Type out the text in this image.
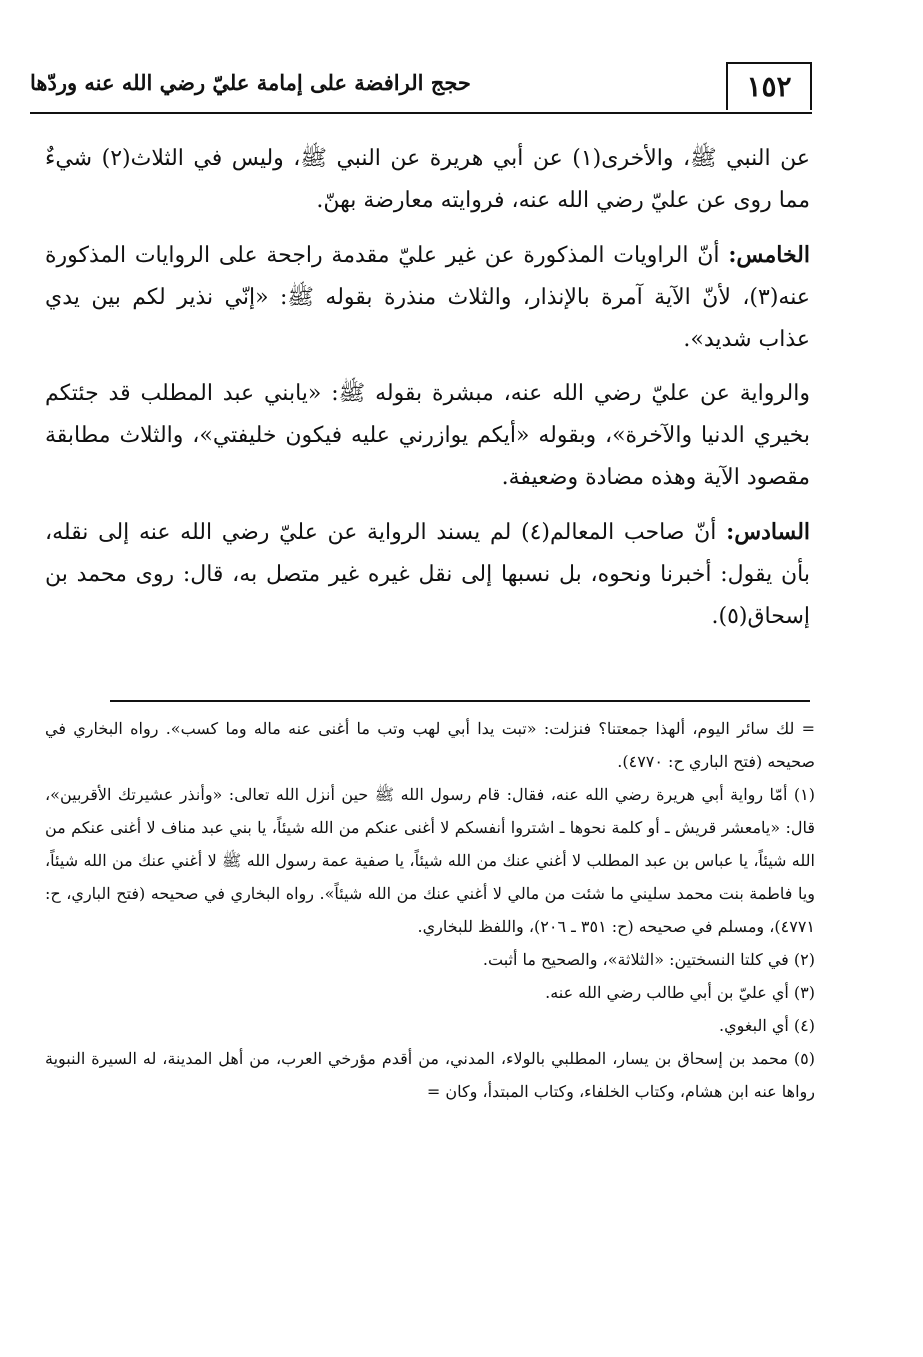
١٥٢
حجج الرافضة على إمامة عليّ رضي الله عنه وردّها

عن النبي ﷺ، والأخرى(١) عن أبي هريرة عن النبي ﷺ، وليس في الثلاث(٢) شيءٌ مما روى عن عليّ رضي الله عنه، فروايته معارضة بهنّ.

الخامس: أنّ الراويات المذكورة عن غير عليّ مقدمة راجحة على الروايات المذكورة عنه(٣)، لأنّ الآية آمرة بالإنذار، والثلاث منذرة بقوله ﷺ: «إنّي نذير لكم بين يدي عذاب شديد».

والرواية عن عليّ رضي الله عنه، مبشرة بقوله ﷺ: «يابني عبد المطلب قد جئتكم بخيري الدنيا والآخرة»، وبقوله «أيكم يوازرني عليه فيكون خليفتي»، والثلاث مطابقة مقصود الآية وهذه مضادة وضعيفة.

السادس: أنّ صاحب المعالم(٤) لم يسند الرواية عن عليّ رضي الله عنه إلى نقله، بأن يقول: أخبرنا ونحوه، بل نسبها إلى نقل غيره غير متصل به، قال: روى محمد بن إسحاق(٥).

= لك سائر اليوم، ألهذا جمعتنا؟ فنزلت: «تبت يدا أبي لهب وتب ما أغنى عنه ماله وما كسب». رواه البخاري في صحيحه (فتح الباري ح: ٤٧٧٠).

(١) أمّا رواية أبي هريرة رضي الله عنه، فقال: قام رسول الله ﷺ حين أنزل الله تعالى: «وأنذر عشيرتك الأقربين»، قال: «يامعشر قريش ـ أو كلمة نحوها ـ اشتروا أنفسكم لا أغنى عنكم من الله شيئاً، يا بني عبد مناف لا أغنى عنكم من الله شيئاً، يا عباس بن عبد المطلب لا أغني عنك من الله شيئاً، يا صفية عمة رسول الله ﷺ لا أغني عنك من الله شيئاً، ويا فاطمة بنت محمد سليني ما شئت من مالي لا أغني عنك من الله شيئاً». رواه البخاري في صحيحه (فتح الباري، ح: ٤٧٧١)، ومسلم في صحيحه (ح: ٣٥١ ـ ٢٠٦)، واللفظ للبخاري.

(٢) في كلتا النسختين: «الثلاثة»، والصحيح ما أثبت.

(٣) أي عليّ بن أبي طالب رضي الله عنه.

(٤) أي البغوي.

(٥) محمد بن إسحاق بن يسار، المطلبي بالولاء، المدني، من أقدم مؤرخي العرب، من أهل المدينة، له السيرة النبوية رواها عنه ابن هشام، وكتاب الخلفاء، وكتاب المبتدأ، وكان =
